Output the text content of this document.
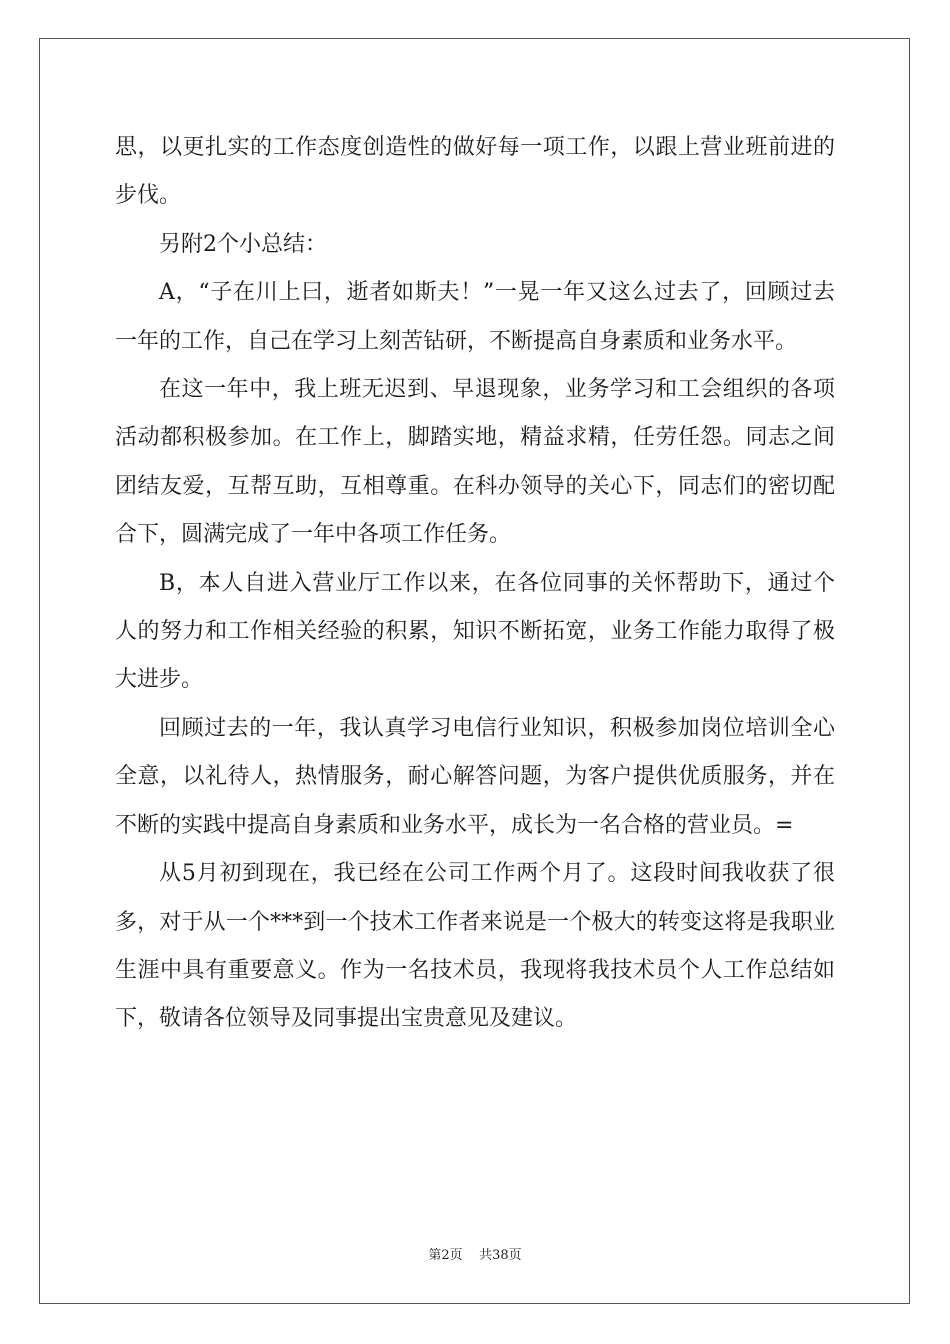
思，以更扎实的工作态度创造性的做好每一项工作，以跟上营业班前进的步伐。

另附2个小总结：

A，“子在川上曰，逝者如斯夫！”一晃一年又这么过去了，回顾过去一年的工作，自己在学习上刻苦钻研，不断提高自身素质和业务水平。

在这一年中，我上班无迟到、早退现象，业务学习和工会组织的各项活动都积极参加。在工作上，脚踏实地，精益求精，任劳任怨。同志之间团结友爱，互帮互助，互相尊重。在科办领导的关心下，同志们的密切配合下，圆满完成了一年中各项工作任务。

B，本人自进入营业厅工作以来，在各位同事的关怀帮助下，通过个人的努力和工作相关经验的积累，知识不断拓宽，业务工作能力取得了极大进步。

回顾过去的一年，我认真学习电信行业知识，积极参加岗位培训全心全意，以礼待人，热情服务，耐心解答问题，为客户提供优质服务，并在不断的实践中提高自身素质和业务水平，成长为一名合格的营业员。=

从5月初到现在，我已经在公司工作两个月了。这段时间我收获了很多，对于从一个***到一个技术工作者来说是一个极大的转变这将是我职业生涯中具有重要意义。作为一名技术员，我现将我技术员个人工作总结如下，敬请各位领导及同事提出宝贵意见及建议。

第2页 共38页
